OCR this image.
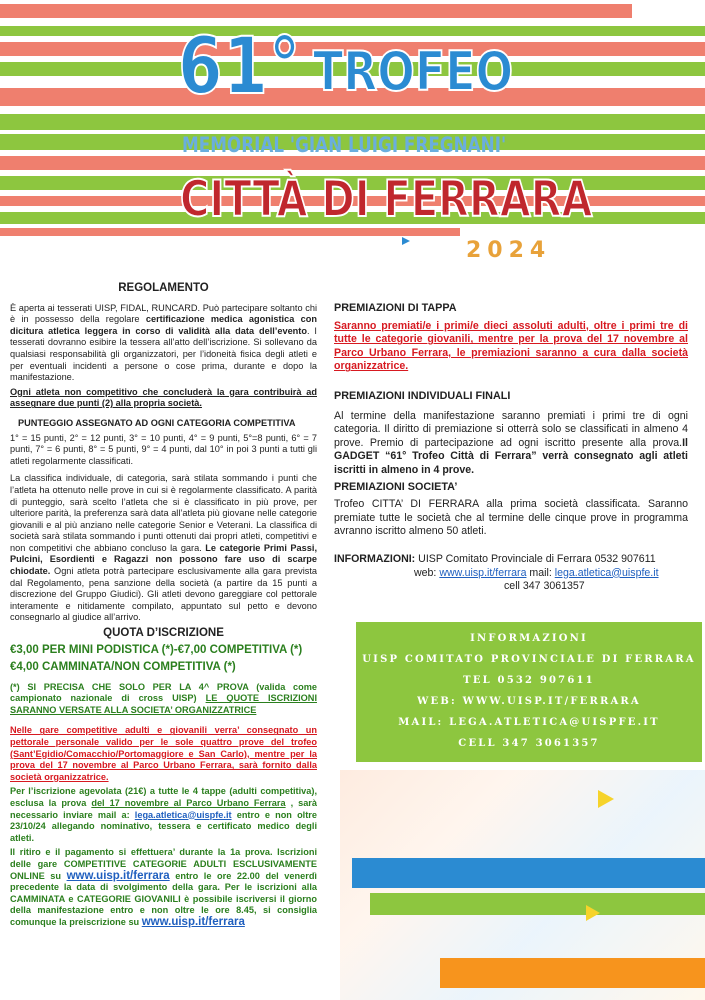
61° TROFEO
MEMORIAL 'GIAN LUIGI FREGNANI'
CITTÀ DI FERRARA
2024
REGOLAMENTO

È aperta ai tesserati UISP, FIDAL, RUNCARD. Può partecipare soltanto chi è in possesso della regolare certificazione medica agonistica con dicitura atletica leggera in corso di validità alla data dell’evento. I tesserati dovranno esibire la tessera all’atto dell’iscrizione. Si sollevano da qualsiasi responsabilità gli organizzatori, per l’idoneità fisica degli atleti e per eventuali incidenti a persone o cose prima, durante e dopo la manifestazione.

Ogni atleta non competitivo che concluderà la gara contribuirà ad assegnare due punti (2) alla propria società.

PUNTEGGIO ASSEGNATO AD OGNI CATEGORIA COMPETITIVA

1° = 15 punti, 2° = 12 punti, 3° = 10 punti, 4° = 9 punti, 5°=8 punti, 6° = 7 punti, 7° = 6 punti, 8° = 5 punti, 9° = 4 punti, dal 10° in poi 3 punti a tutti gli atleti regolarmente classificati.

La classifica individuale, di categoria, sarà stilata sommando i punti che l’atleta ha ottenuto nelle prove in cui si è regolarmente classificato. A parità di punteggio, sarà scelto l’atleta che si è classificato in più prove, per ulteriore parità, la preferenza sarà data all’atleta più giovane nelle categorie giovanili e al più anziano nelle categorie Senior e Veterani. La classifica di società sarà stilata sommando i punti ottenuti dai propri atleti, competitivi e non competitivi che abbiano concluso la gara. Le categorie Primi Passi, Pulcini, Esordienti e Ragazzi non possono fare uso di scarpe chiodate. Ogni atleta potrà partecipare esclusivamente alla gara prevista dal Regolamento, pena sanzione della società (a partire da 15 punti a discrezione del Gruppo Giudici). Gli atleti devono gareggiare col pettorale interamente e nitidamente compilato, appuntato sul petto e devono consegnarlo al giudice all’arrivo.

QUOTA D’ISCRIZIONE
€3,00 PER MINI PODISTICA (*)-€7,00 COMPETITIVA (*)
€4,00 CAMMINATA/NON COMPETITIVA (*)

(*) SI PRECISA CHE SOLO PER LA 4^ PROVA (valida come campionato nazionale di cross UISP) LE QUOTE ISCRIZIONI SARANNO VERSATE ALLA SOCIETA’ ORGANIZZATRICE

Nelle gare competitive adulti e giovanili verra’ consegnato un pettorale personale valido per le sole quattro prove del trofeo (Sant’Egidio/Comacchio/Portomaggiore e San Carlo), mentre per la prova del 17 novembre al Parco Urbano Ferrara, sarà fornito dalla società organizzatrice.

Per l’iscrizione agevolata (21€) a tutte le 4 tappe (adulti competitiva), esclusa la prova del 17 novembre al Parco Urbano Ferrara , sarà necessario inviare mail a: lega.atletica@uispfe.it entro e non oltre 23/10/24 allegando nominativo, tessera e certificato medico degli atleti.

Il ritiro e il pagamento si effettuera’ durante la 1a prova. Iscrizioni delle gare COMPETITIVE CATEGORIE ADULTI ESCLUSIVAMENTE ONLINE su www.uisp.it/ferrara entro le ore 22.00 del venerdì precedente la data di svolgimento della gara. Per le iscrizioni alla CAMMINATA e CATEGORIE GIOVANILI è possibile iscriversi il giorno della manifestazione entro e non oltre le ore 8.45, si consiglia comunque la preiscrizione su www.uisp.it/ferrara

PREMIAZIONI DI TAPPA

Saranno premiati/e i primi/e dieci assoluti adulti, oltre i primi tre di tutte le categorie giovanili, mentre per la prova del 17 novembre al Parco Urbano Ferrara, le premiazioni saranno a cura dalla società organizzatrice.

PREMIAZIONI INDIVIDUALI FINALI

Al termine della manifestazione saranno premiati i primi tre di ogni categoria. Il diritto di premiazione si otterrà solo se classificati in almeno 4 prove. Premio di partecipazione ad ogni iscritto presente alla prova.Il GADGET “61° Trofeo Città di Ferrara” verrà consegnato agli atleti iscritti in almeno in 4 prove.

PREMIAZIONI SOCIETA’

Trofeo CITTA’ DI FERRARA alla prima società classificata. Saranno premiate tutte le società che al termine delle cinque prove in programma avranno iscritto almeno 50 atleti.

INFORMAZIONI: UISP Comitato Provinciale di Ferrara 0532 907611
web: www.uisp.it/ferrara mail: lega.atletica@uispfe.it
cell 347 3061357
INFORMAZIONI
UISP COMITATO PROVINCIALE DI FERRARA
TEL 0532 907611
WEB: WWW.UISP.IT/FERRARA
MAIL: LEGA.ATLETICA@UISPFE.IT
CELL 347 3061357
